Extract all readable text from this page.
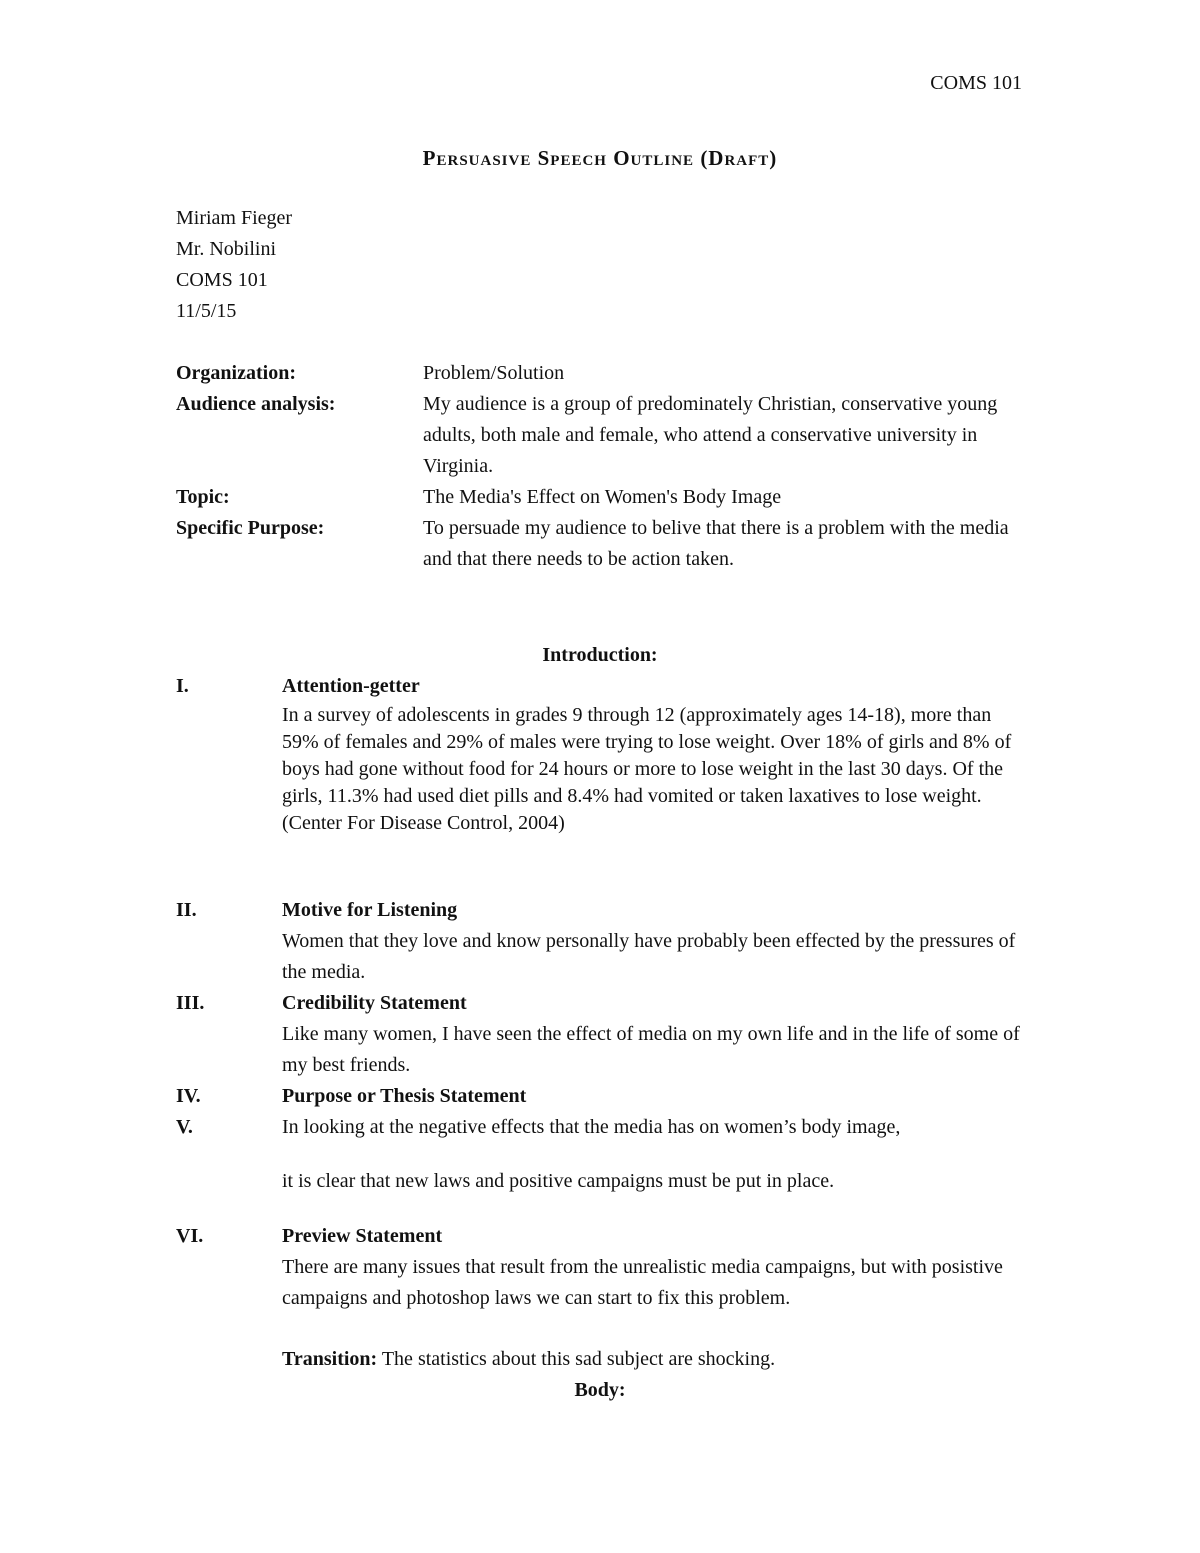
COMS 101
Persuasive Speech Outline (Draft)
Miriam Fieger
Mr. Nobilini
COMS 101
11/5/15
Organization:	Problem/Solution
Audience analysis:	My audience is a group of predominately Christian, conservative young adults, both male and female, who attend a conservative university in Virginia.
Topic:	The Media's Effect on Women's Body Image
Specific Purpose:	To persuade my audience to belive that there is a problem with the media and that there needs to be action taken.
Introduction:
I.	Attention-getter
In a survey of adolescents in grades 9 through 12 (approximately ages 14-18), more than 59% of females and 29% of males were trying to lose weight. Over 18% of girls and 8% of boys had gone without food for 24 hours or more to lose weight in the last 30 days. Of the girls, 11.3% had used diet pills and 8.4% had vomited or taken laxatives to lose weight. (Center For Disease Control, 2004)
II.	Motive for Listening
Women that they love and know personally have probably been effected by the pressures of the media.
III.	Credibility Statement
Like many women, I have seen the effect of media on my own life and in the life of some of my best friends.
IV.	Purpose or Thesis Statement
V.	In looking at the negative effects that the media has on women’s body image,
it is clear that new laws and positive campaigns must be put in place.
VI.	Preview Statement
There are many issues that result from the unrealistic media campaigns, but with posistive campaigns and photoshop laws we can start to fix this problem.
Transition: The statistics about this sad subject are shocking.
Body:
